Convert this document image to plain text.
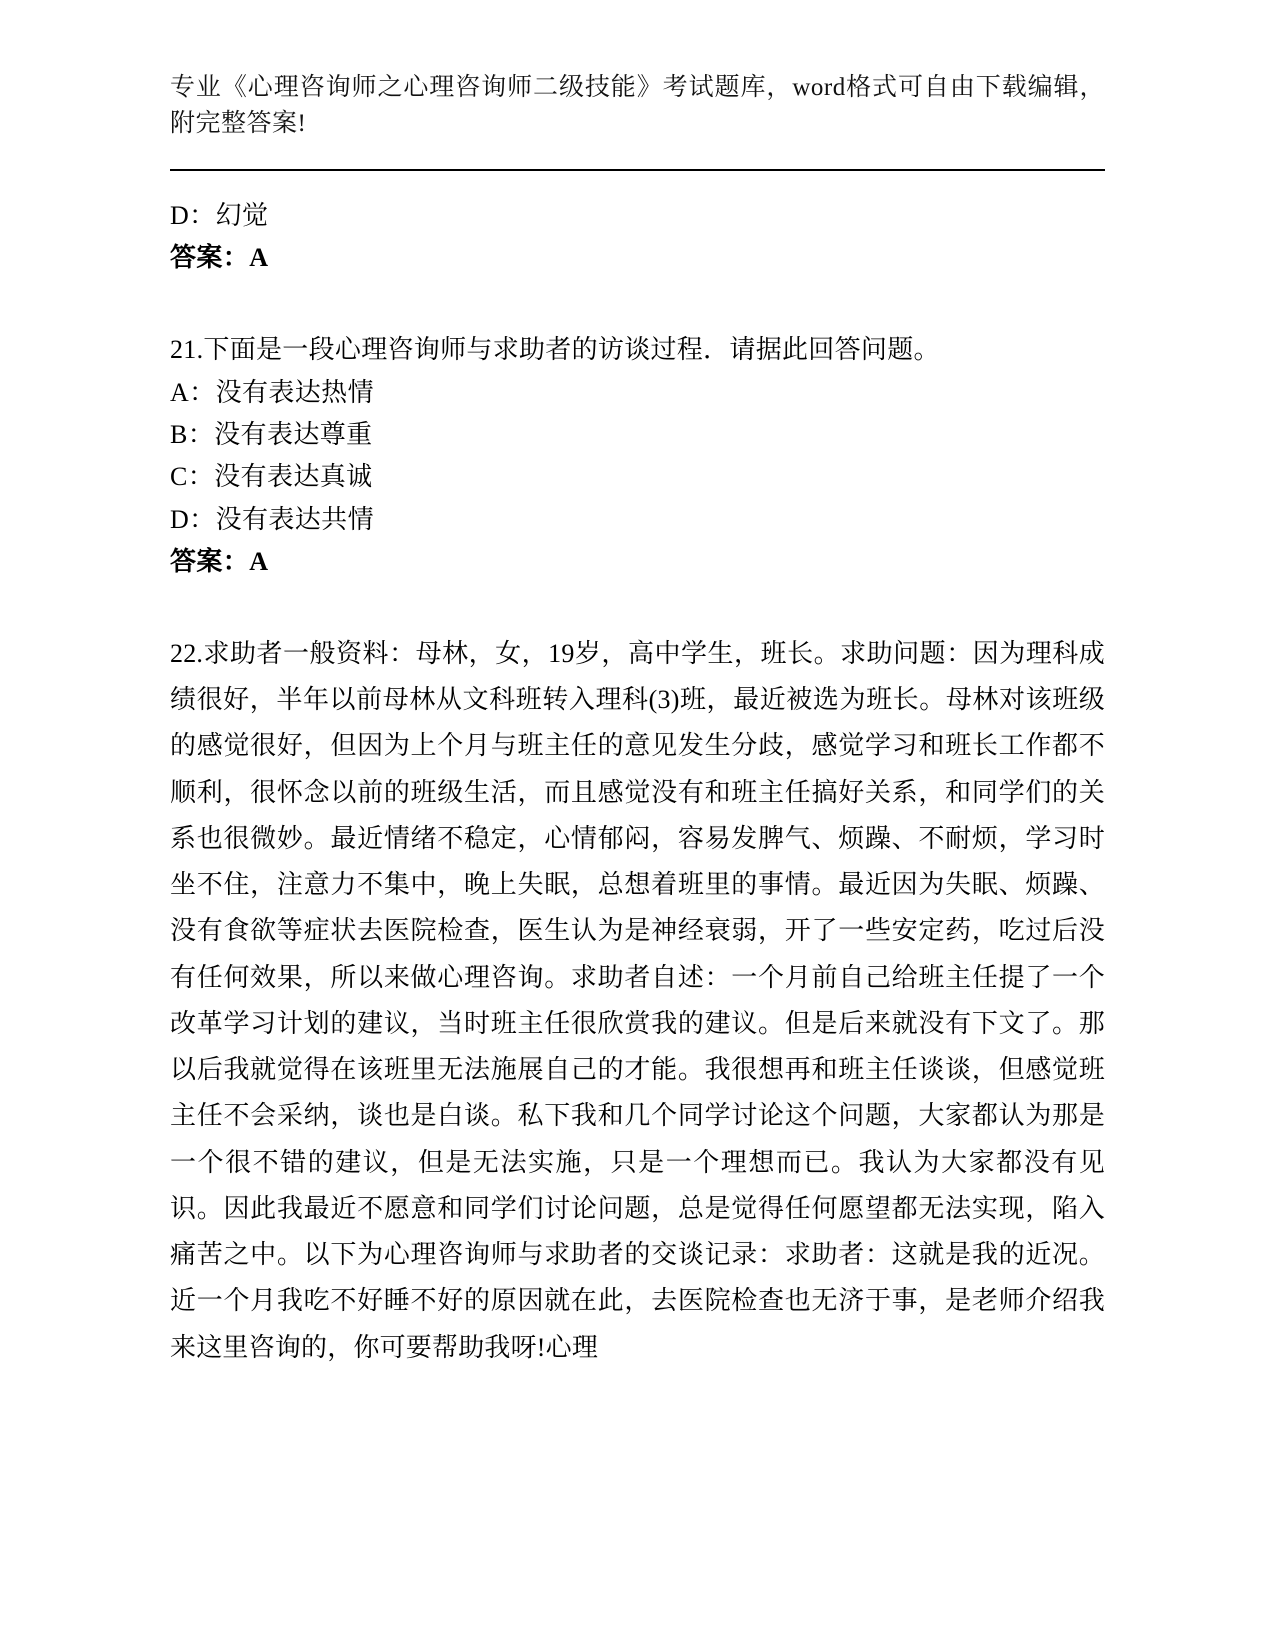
专业《心理咨询师之心理咨询师二级技能》考试题库，word格式可自由下载编辑，附完整答案!
D：幻觉
答案：A
21.下面是一段心理咨询师与求助者的访谈过程．请据此回答问题。
A：没有表达热情
B：没有表达尊重
C：没有表达真诚
D：没有表达共情
答案：A
22.求助者一般资料：母林，女，19岁，高中学生，班长。求助问题：因为理科成绩很好，半年以前母林从文科班转入理科(3)班，最近被选为班长。母林对该班级的感觉很好，但因为上个月与班主任的意见发生分歧，感觉学习和班长工作都不顺利，很怀念以前的班级生活，而且感觉没有和班主任搞好关系，和同学们的关系也很微妙。最近情绪不稳定，心情郁闷，容易发脾气、烦躁、不耐烦，学习时坐不住，注意力不集中，晚上失眠，总想着班里的事情。最近因为失眠、烦躁、没有食欲等症状去医院检查，医生认为是神经衰弱，开了一些安定药，吃过后没有任何效果，所以来做心理咨询。求助者自述：一个月前自己给班主任提了一个改革学习计划的建议，当时班主任很欣赏我的建议。但是后来就没有下文了。那以后我就觉得在该班里无法施展自己的才能。我很想再和班主任谈谈，但感觉班主任不会采纳，谈也是白谈。私下我和几个同学讨论这个问题，大家都认为那是一个很不错的建议，但是无法实施，只是一个理想而已。我认为大家都没有见识。因此我最近不愿意和同学们讨论问题，总是觉得任何愿望都无法实现，陷入痛苦之中。以下为心理咨询师与求助者的交谈记录：求助者：这就是我的近况。近一个月我吃不好睡不好的原因就在此，去医院检查也无济于事，是老师介绍我来这里咨询的，你可要帮助我呀!心理
